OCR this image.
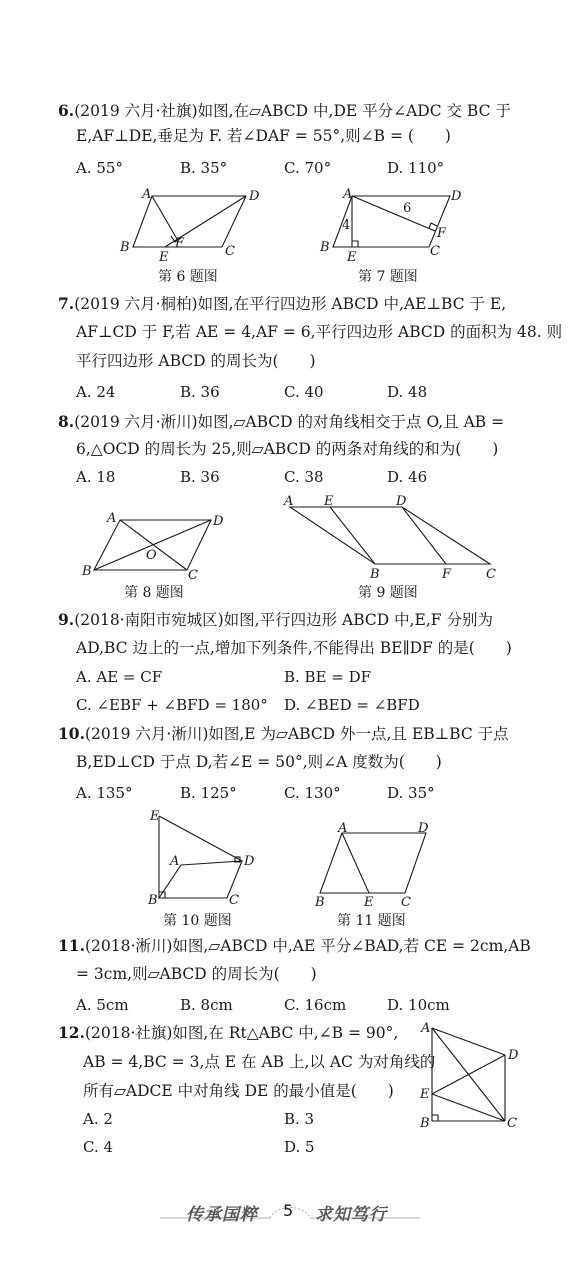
6.(2019 六月·社旗)如图,在▱ABCD 中,DE 平分∠ADC 交 BC 于
E,AF⊥DE,垂足为 F. 若∠DAF = 55°,则∠B = (　　)
A. 55°	B. 35°	C. 70°	D. 110°
A	D
B	C
E
F
第 6 题图
A	D
B	C
E
F
4
6
第 7 题图
7.(2019 六月·桐柏)如图,在平行四边形 ABCD 中,AE⊥BC 于 E,
AF⊥CD 于 F,若 AE = 4,AF = 6,平行四边形 ABCD 的面积为 48. 则
平行四边形 ABCD 的周长为(　　)
A. 24	B. 36	C. 40	D. 48
8.(2019 六月·淅川)如图,▱ABCD 的对角线相交于点 O,且 AB =
6,△OCD 的周长为 25,则▱ABCD 的两条对角线的和为(　　)
A. 18	B. 36	C. 38	D. 46
A	D
B	C
O
第 8 题图
A E	D
B	F	C
第 9 题图
9.(2018·南阳市宛城区)如图,平行四边形 ABCD 中,E,F 分别为
AD,BC 边上的一点,增加下列条件,不能得出 BE∥DF 的是(　　)
A. AE = CF	B. BE = DF
C. ∠EBF + ∠BFD = 180° D. ∠BED = ∠BFD
10.(2019 六月·淅川)如图,E 为▱ABCD 外一点,且 EB⊥BC 于点
B,ED⊥CD 于点 D,若∠E = 50°,则∠A 度数为(　　)
A. 135°	B. 125°	C. 130°	D. 35°
E
A	D
B	C
第 10 题图
A	D
B	E C
第 11 题图
11.(2018·淅川)如图,▱ABCD 中,AE 平分∠BAD,若 CE = 2cm,AB
= 3cm,则▱ABCD 的周长为(　　)
A. 5cm	B. 8cm	C. 16cm	D. 10cm
12.(2018·社旗)如图,在 Rt△ABC 中,∠B = 90°,
AB = 4,BC = 3,点 E 在 AB 上,以 AC 为对角线的
所有▱ADCE 中对角线 DE 的最小值是(　　)
A. 2	B. 3
C. 4	D. 5
A
D
E
B	C
传承国粹 5 求知笃行
